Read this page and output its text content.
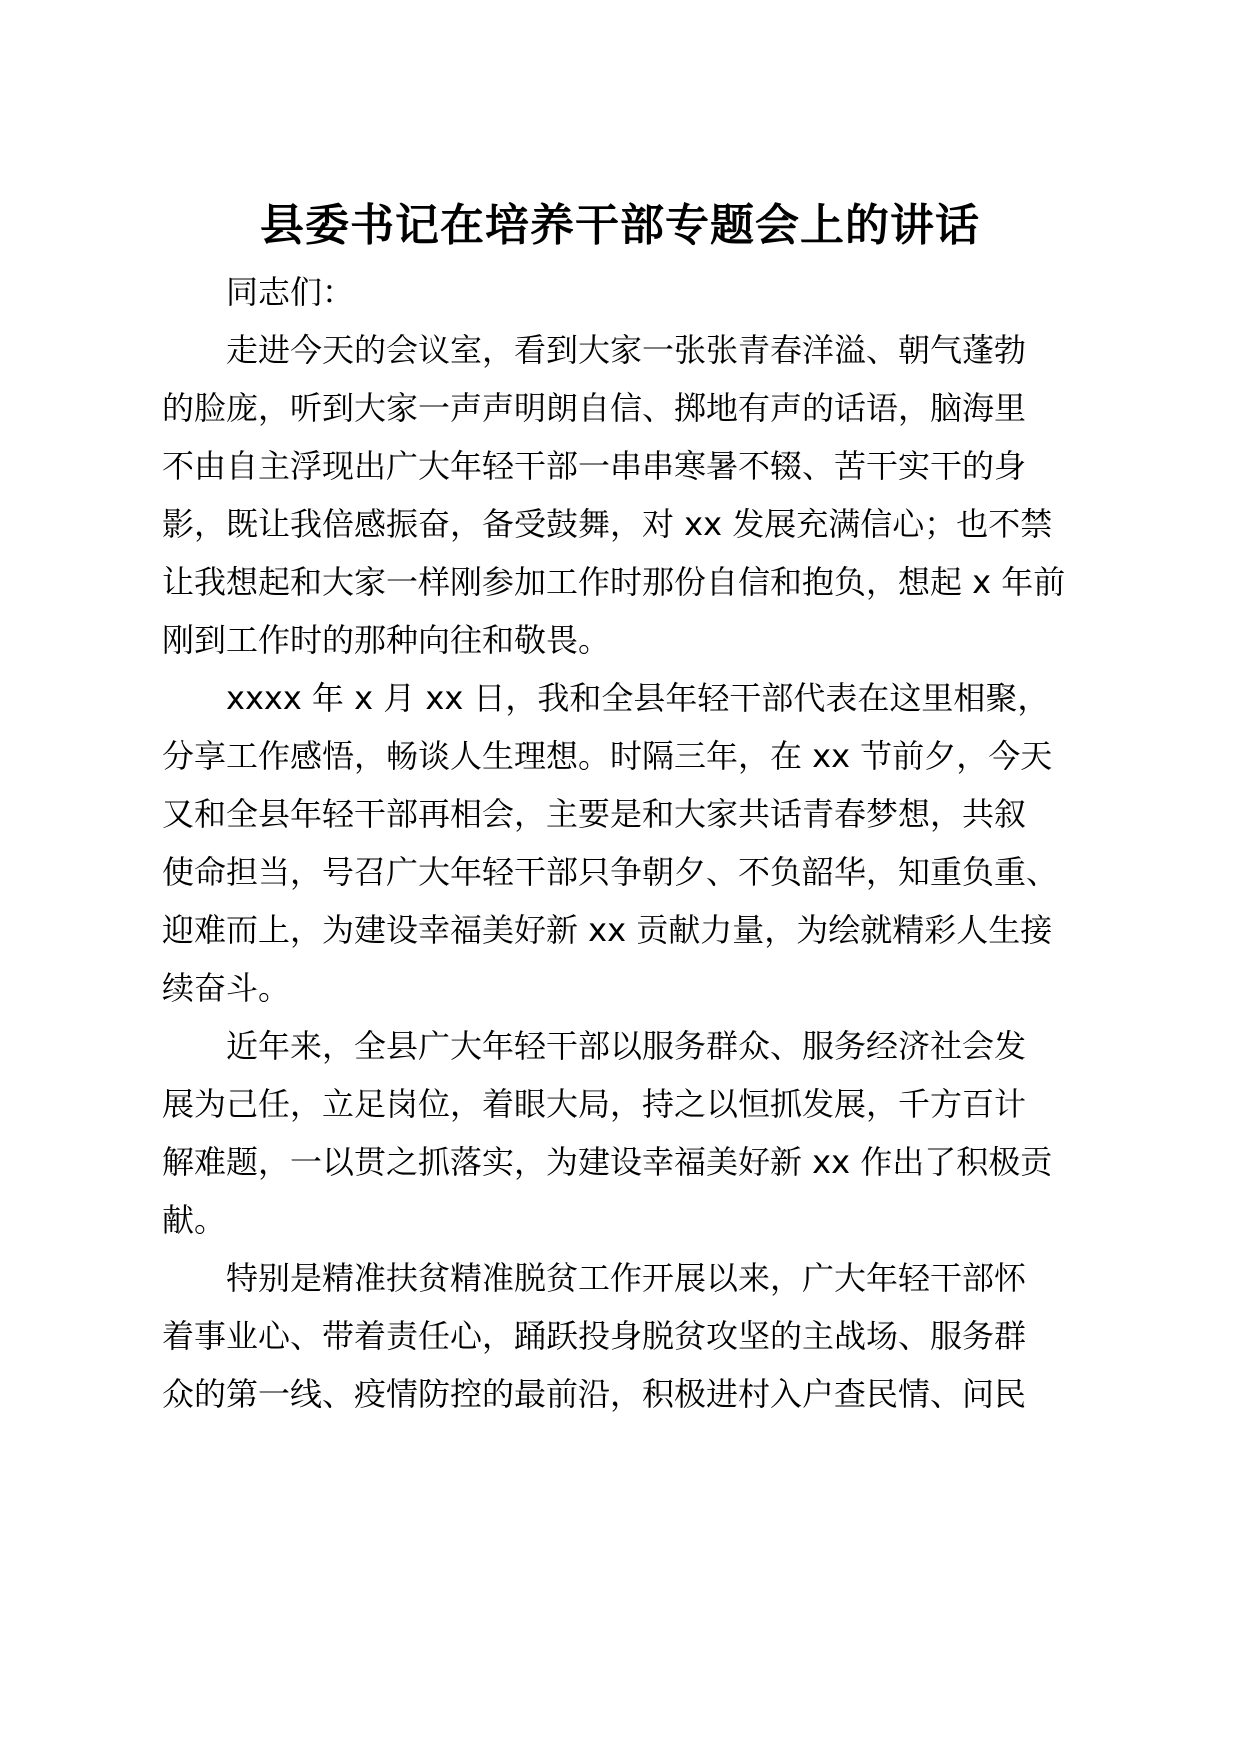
县委书记在培养干部专题会上的讲话
同志们：
走进今天的会议室，看到大家一张张青春洋溢、朝气蓬勃
的脸庞，听到大家一声声明朗自信、掷地有声的话语，脑海里
不由自主浮现出广大年轻干部一串串寒暑不辍、苦干实干的身
影，既让我倍感振奋，备受鼓舞，对 xx 发展充满信心；也不禁
让我想起和大家一样刚参加工作时那份自信和抱负，想起 x 年前
刚到工作时的那种向往和敬畏。
xxxx 年 x 月 xx 日，我和全县年轻干部代表在这里相聚，
分享工作感悟，畅谈人生理想。时隔三年，在 xx 节前夕，今天
又和全县年轻干部再相会，主要是和大家共话青春梦想，共叙
使命担当，号召广大年轻干部只争朝夕、不负韶华，知重负重、
迎难而上，为建设幸福美好新 xx 贡献力量，为绘就精彩人生接
续奋斗。
近年来，全县广大年轻干部以服务群众、服务经济社会发
展为己任，立足岗位，着眼大局，持之以恒抓发展，千方百计
解难题，一以贯之抓落实，为建设幸福美好新 xx 作出了积极贡
献。
特别是精准扶贫精准脱贫工作开展以来，广大年轻干部怀
着事业心、带着责任心，踊跃投身脱贫攻坚的主战场、服务群
众的第一线、疫情防控的最前沿，积极进村入户查民情、问民
